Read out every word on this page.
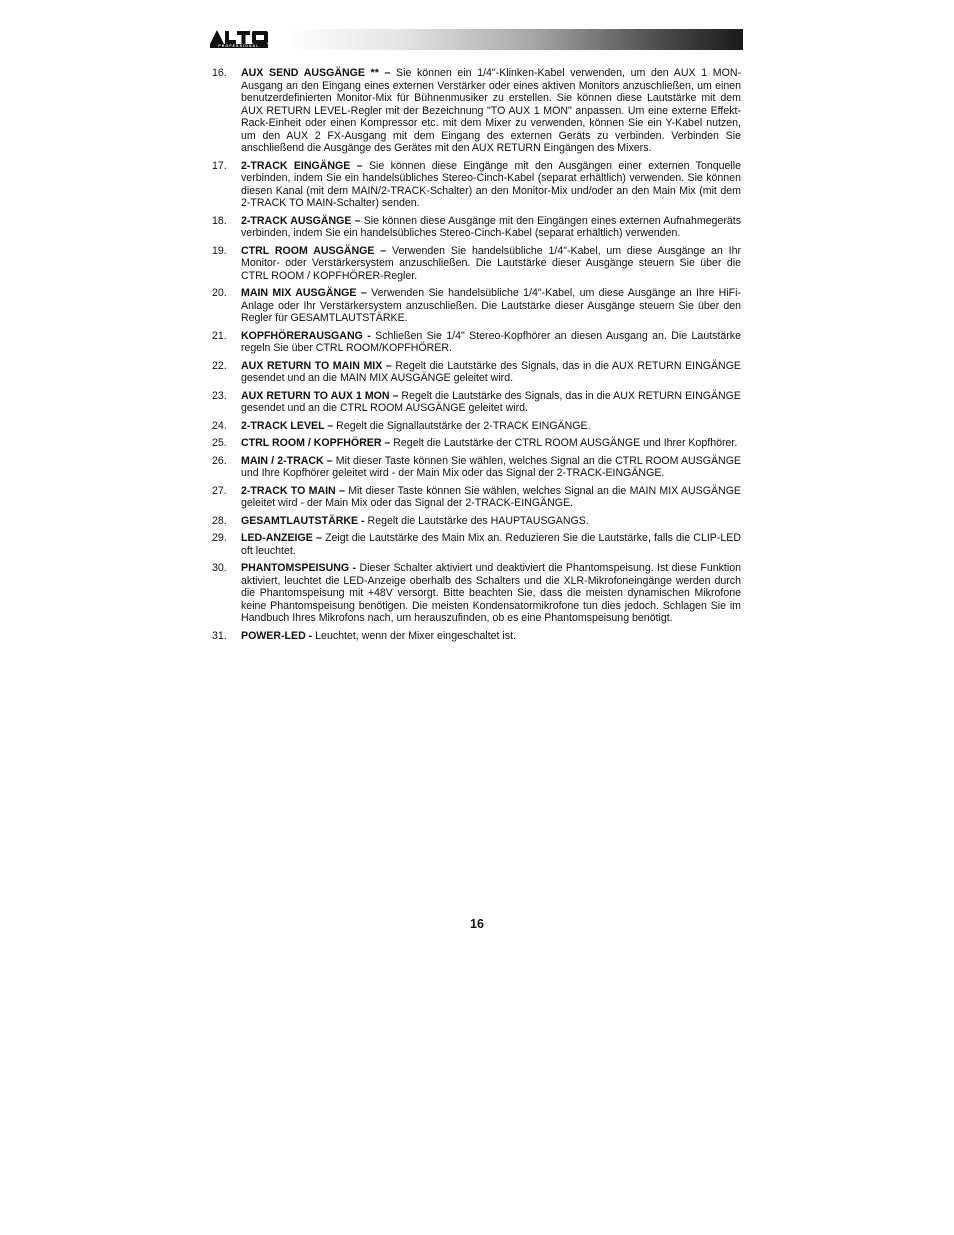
PROFESSIONAL
16.	AUX SEND AUSGÄNGE ** – Sie können ein 1/4"-Klinken-Kabel verwenden, um den AUX 1 MON-Ausgang an den Eingang eines externen Verstärker oder eines aktiven Monitors anzuschließen, um einen benutzerdefinierten Monitor-Mix für Bühnenmusiker zu erstellen. Sie können diese Lautstärke mit dem AUX RETURN LEVEL-Regler mit der Bezeichnung "TO AUX 1 MON" anpassen. Um eine externe Effekt-Rack-Einheit oder einen Kompressor etc. mit dem Mixer zu verwenden, können Sie ein Y-Kabel nutzen, um den AUX 2 FX-Ausgang mit dem Eingang des externen Geräts zu verbinden. Verbinden Sie anschließend die Ausgänge des Gerätes mit den AUX RETURN Eingängen des Mixers.
17.	2-TRACK EINGÄNGE – Sie können diese Eingänge mit den Ausgängen einer externen Tonquelle verbinden, indem Sie ein handelsübliches Stereo-Cinch-Kabel (separat erhältlich) verwenden. Sie können diesen Kanal (mit dem MAIN/2-TRACK-Schalter) an den Monitor-Mix und/oder an den Main Mix (mit dem 2-TRACK TO MAIN-Schalter) senden.
18.	2-TRACK AUSGÄNGE – Sie können diese Ausgänge mit den Eingängen eines externen Aufnahmegeräts verbinden, indem Sie ein handelsübliches Stereo-Cinch-Kabel (separat erhältlich) verwenden.
19.	CTRL ROOM AUSGÄNGE – Verwenden Sie handelsübliche 1/4"-Kabel, um diese Ausgänge an Ihr Monitor- oder Verstärkersystem anzuschließen. Die Lautstärke dieser Ausgänge steuern Sie über die CTRL ROOM / KOPFHÖRER-Regler.
20.	MAIN MIX AUSGÄNGE – Verwenden Sie handelsübliche 1/4"-Kabel, um diese Ausgänge an Ihre HiFi-Anlage oder Ihr Verstärkersystem anzuschließen. Die Lautstärke dieser Ausgänge steuern Sie über den Regler für GESAMTLAUTSTÄRKE.
21.	KOPFHÖRERAUSGANG - Schließen Sie 1/4" Stereo-Kopfhörer an diesen Ausgang an. Die Lautstärke regeln Sie über CTRL ROOM/KOPFHÖRER.
22.	AUX RETURN TO MAIN MIX – Regelt die Lautstärke des Signals, das in die AUX RETURN EINGÄNGE gesendet und an die MAIN MIX AUSGÄNGE geleitet wird.
23.	AUX RETURN TO AUX 1 MON – Regelt die Lautstärke des Signals, das in die AUX RETURN EINGÄNGE gesendet und an die CTRL ROOM AUSGÄNGE geleitet wird.
24.	2-TRACK LEVEL – Regelt die Signallautstärke der 2-TRACK EINGÄNGE.
25.	CTRL ROOM / KOPFHÖRER – Regelt die Lautstärke der CTRL ROOM AUSGÄNGE und Ihrer Kopfhörer.
26.	MAIN / 2-TRACK – Mit dieser Taste können Sie wählen, welches Signal an die CTRL ROOM AUSGÄNGE und Ihre Kopfhörer geleitet wird - der Main Mix oder das Signal der 2-TRACK-EINGÄNGE.
27.	2-TRACK TO MAIN – Mit dieser Taste können Sie wählen, welches Signal an die MAIN MIX AUSGÄNGE geleitet wird - der Main Mix oder das Signal der 2-TRACK-EINGÄNGE.
28.	GESAMTLAUTSTÄRKE - Regelt die Lautstärke des HAUPTAUSGANGS.
29.	LED-ANZEIGE – Zeigt die Lautstärke des Main Mix an. Reduzieren Sie die Lautstärke, falls die CLIP-LED oft leuchtet.
30.	PHANTOMSPEISUNG - Dieser Schalter aktiviert und deaktiviert die Phantomspeisung. Ist diese Funktion aktiviert, leuchtet die LED-Anzeige oberhalb des Schalters und die XLR-Mikrofoneingänge werden durch die Phantomspeisung mit +48V versorgt. Bitte beachten Sie, dass die meisten dynamischen Mikrofone keine Phantomspeisung benötigen. Die meisten Kondensatormikrofone tun dies jedoch. Schlagen Sie im Handbuch Ihres Mikrofons nach, um herauszufinden, ob es eine Phantomspeisung benötigt.
31.	POWER-LED - Leuchtet, wenn der Mixer eingeschaltet ist.
16
